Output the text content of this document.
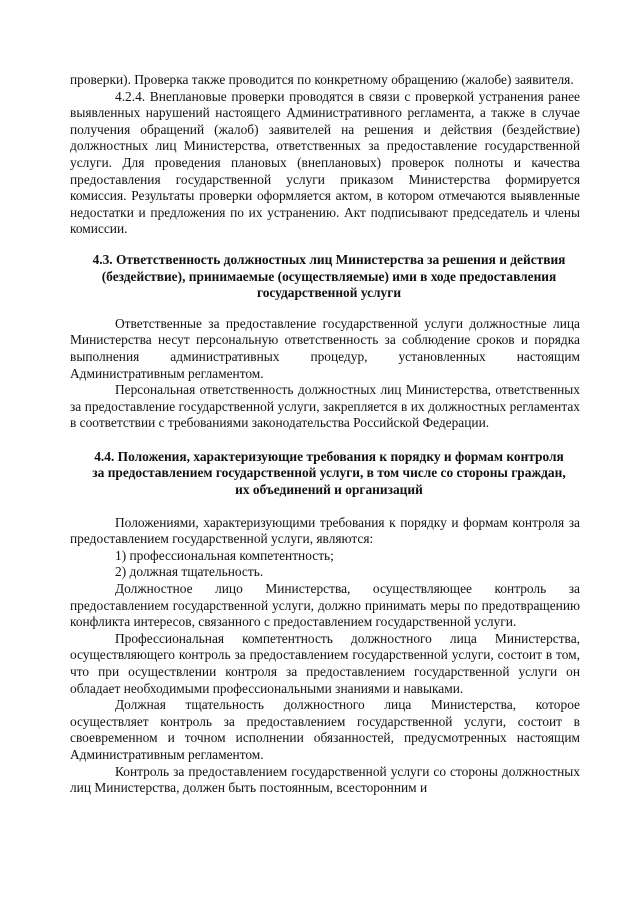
проверки). Проверка также проводится по конкретному обращению (жалобе) заявителя.

4.2.4. Внеплановые проверки проводятся в связи с проверкой устранения ранее выявленных нарушений настоящего Административного регламента, а также в случае получения обращений (жалоб) заявителей на решения и действия (бездействие) должностных лиц Министерства, ответственных за предоставление государственной услуги. Для проведения плановых (внеплановых) проверок полноты и качества предоставления государственной услуги приказом Министерства формируется комиссия. Результаты проверки оформляется актом, в котором отмечаются выявленные недостатки и предложения по их устранению. Акт подписывают председатель и члены комиссии.

4.3. Ответственность должностных лиц Министерства за решения и действия (бездействие), принимаемые (осуществляемые) ими в ходе предоставления государственной услуги

Ответственные за предоставление государственной услуги должностные лица Министерства несут персональную ответственность за соблюдение сроков и порядка выполнения административных процедур, установленных настоящим Административным регламентом.

Персональная ответственность должностных лиц Министерства, ответственных за предоставление государственной услуги, закрепляется в их должностных регламентах в соответствии с требованиями законодательства Российской Федерации.

4.4. Положения, характеризующие требования к порядку и формам контроля за предоставлением государственной услуги, в том числе со стороны граждан, их объединений и организаций

Положениями, характеризующими требования к порядку и формам контроля за предоставлением государственной услуги, являются:

1) профессиональная компетентность;

2) должная тщательность.

Должностное лицо Министерства, осуществляющее контроль за предоставлением государственной услуги, должно принимать меры по предотвращению конфликта интересов, связанного с предоставлением государственной услуги.

Профессиональная компетентность должностного лица Министерства, осуществляющего контроль за предоставлением государственной услуги, состоит в том, что при осуществлении контроля за предоставлением государственной услуги он обладает необходимыми профессиональными знаниями и навыками.

Должная тщательность должностного лица Министерства, которое осуществляет контроль за предоставлением государственной услуги, состоит в своевременном и точном исполнении обязанностей, предусмотренных настоящим Административным регламентом.

Контроль за предоставлением государственной услуги со стороны должностных лиц Министерства, должен быть постоянным, всесторонним и
